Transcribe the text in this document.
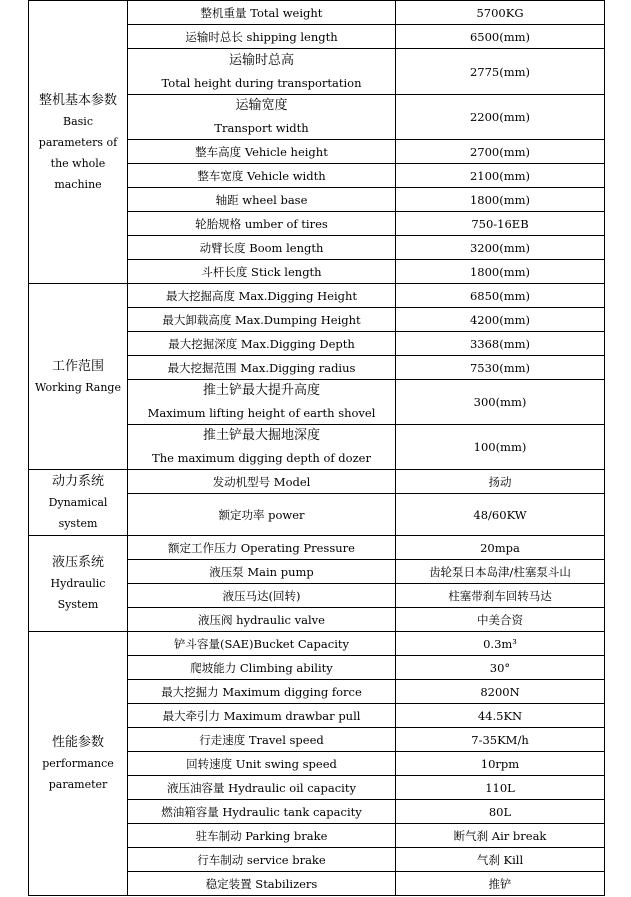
整机基本参数
Basic
parameters of
the whole
machine	整机重量 Total weight	5700KG
	运输时总长 shipping length	6500(mm)

	运输时总高
Total height during transportation	2775(mm)

	运输宽度
Transport width	2200(mm)
	整车高度 Vehicle height	2700(mm)
	整车宽度 Vehicle width	2100(mm)
	轴距 wheel base	1800(mm)
	轮胎规格 umber of tires	750-16EB
	动臂长度 Boom length	3200(mm)
	斗杆长度 Stick length	1800(mm)
工作范围
Working Range	最大挖掘高度 Max.Digging Height	6850(mm)
	最大卸载高度 Max.Dumping Height	4200(mm)
	最大挖掘深度 Max.Digging Depth	3368(mm)
	最大挖掘范围 Max.Digging radius	7530(mm)

	推土铲最大提升高度
Maximum lifting height of earth shovel	300(mm)

	推土铲最大掘地深度
The maximum digging depth of dozer	100(mm)
动力系统
Dynamical
system	发动机型号 Model	扬动
	额定功率 power	48/60KW
液压系统
Hydraulic
System	额定工作压力 Operating Pressure	20mpa
	液压泵 Main pump	齿轮泵日本岛津/柱塞泵斗山
	液压马达(回转)	柱塞带刹车回转马达
	液压阀 hydraulic valve	中美合资
性能参数
performance
parameter	铲斗容量(SAE)Bucket Capacity	0.3m³
	爬坡能力 Climbing ability	30°
	最大挖掘力 Maximum digging force	8200N
	最大牵引力 Maximum drawbar pull	44.5KN
	行走速度 Travel speed	7-35KM/h
	回转速度 Unit swing speed	10rpm
	液压油容量 Hydraulic oil capacity	110L
	燃油箱容量 Hydraulic tank capacity	80L
	驻车制动 Parking brake	断气刹 Air break
	行车制动 service brake	气刹 Kill
	稳定装置 Stabilizers	推铲
